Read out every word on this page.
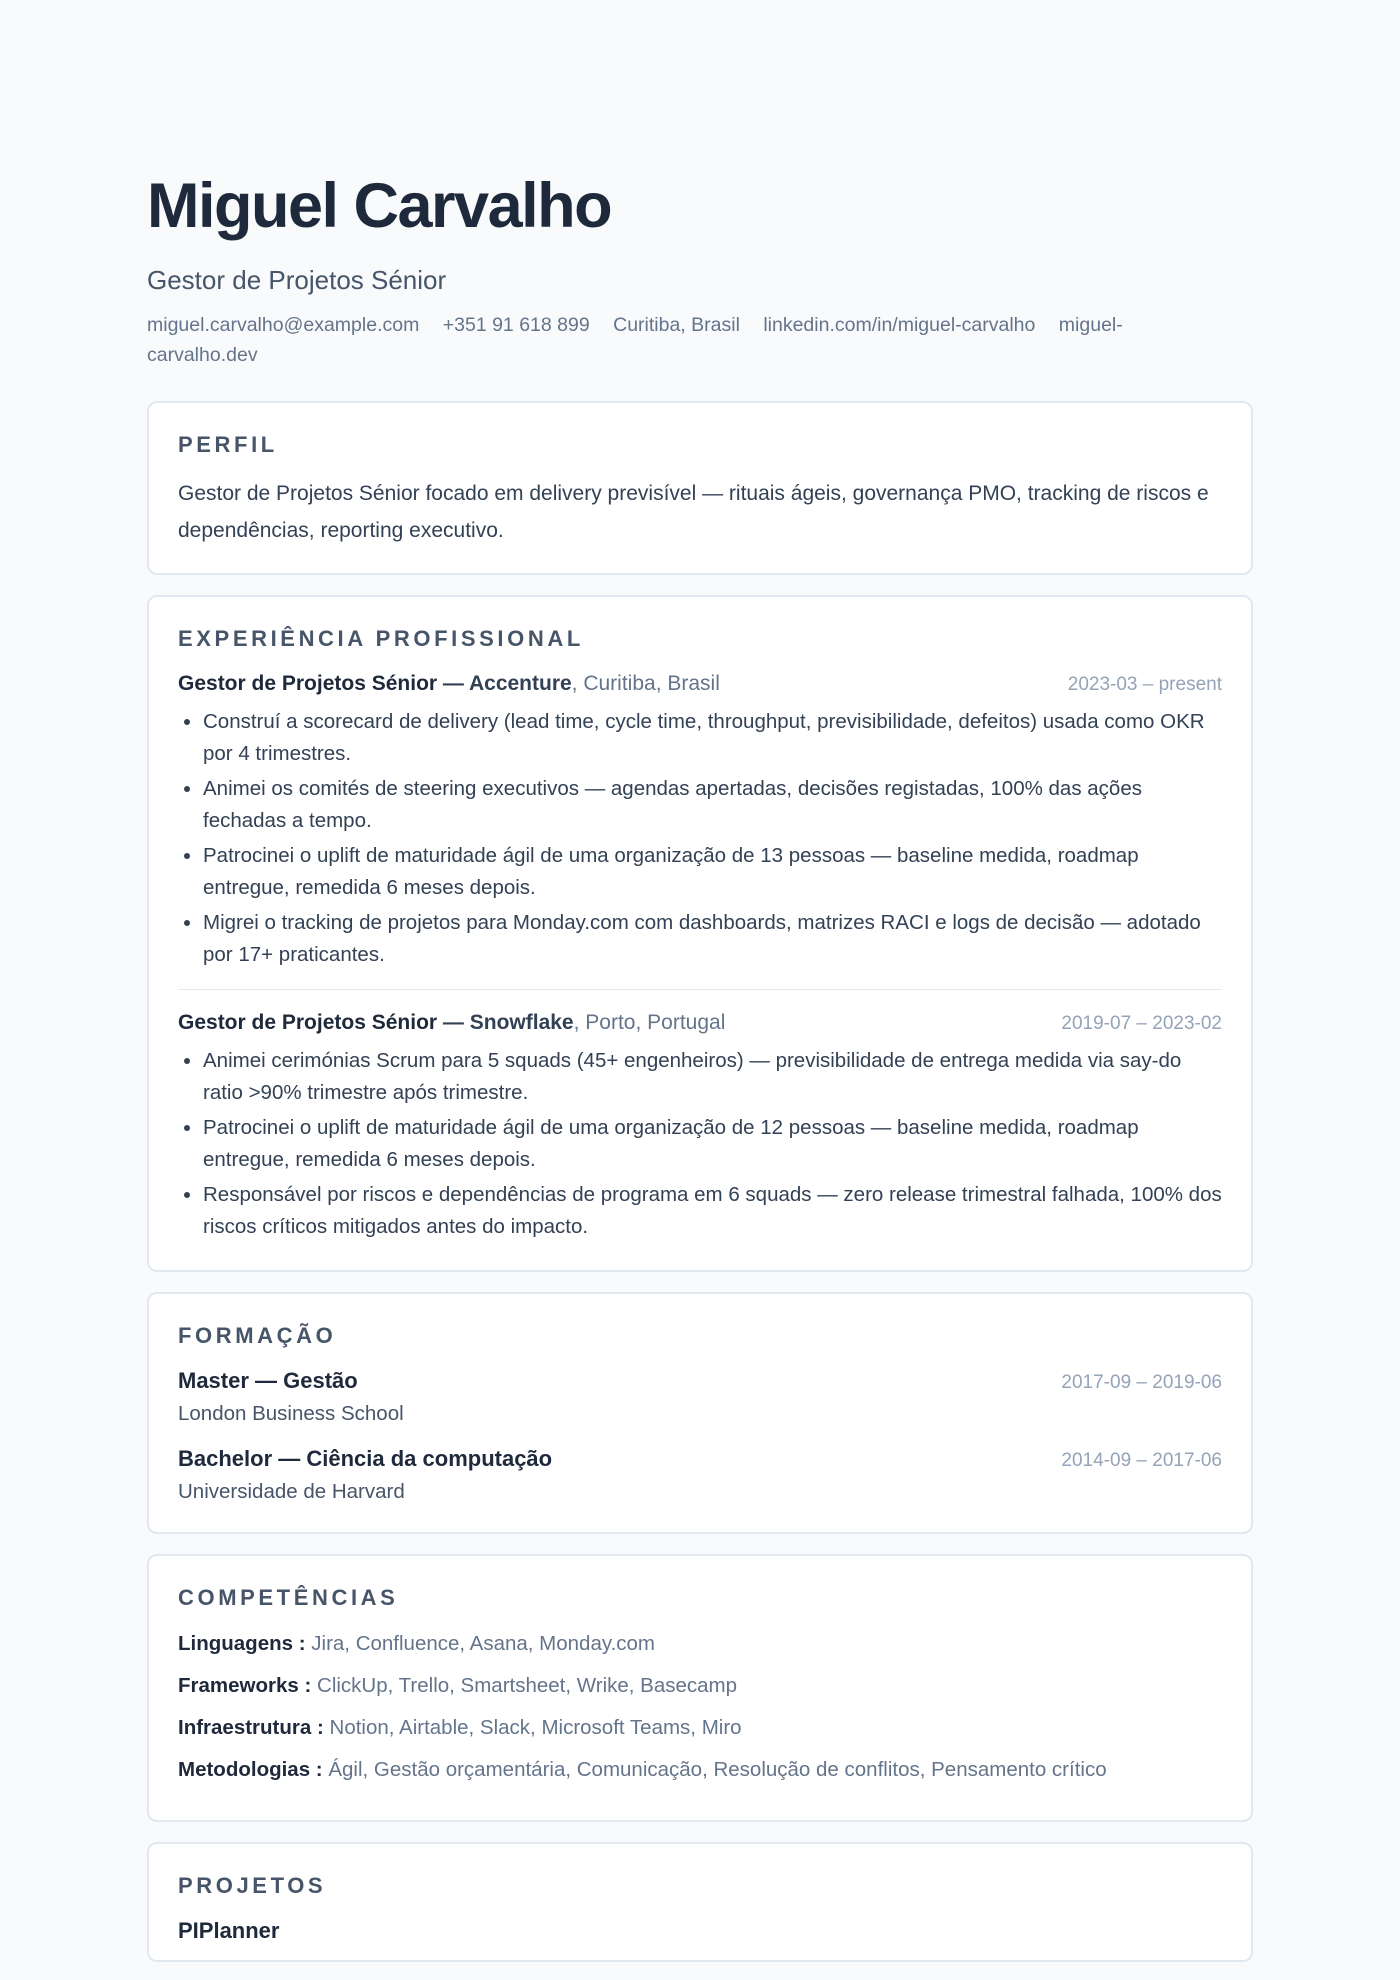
Miguel Carvalho
Gestor de Projetos Sénior
miguel.carvalho@example.com +351 91 618 899 Curitiba, Brasil linkedin.com/in/miguel-carvalho miguel-carvalho.dev
PERFIL

Gestor de Projetos Sénior focado em delivery previsível — rituais ágeis, governança PMO, tracking de riscos e dependências, reporting executivo.

EXPERIÊNCIA PROFISSIONAL
Gestor de Projetos Sénior — Accenture, Curitiba, Brasil	2023-03 – present
• Construí a scorecard de delivery (lead time, cycle time, throughput, previsibilidade, defeitos) usada como OKR por 4 trimestres.
• Animei os comités de steering executivos — agendas apertadas, decisões registadas, 100% das ações fechadas a tempo.
• Patrocinei o uplift de maturidade ágil de uma organização de 13 pessoas — baseline medida, roadmap entregue, remedida 6 meses depois.
• Migrei o tracking de projetos para Monday.com com dashboards, matrizes RACI e logs de decisão — adotado por 17+ praticantes.
Gestor de Projetos Sénior — Snowflake, Porto, Portugal	2019-07 – 2023-02
• Animei cerimónias Scrum para 5 squads (45+ engenheiros) — previsibilidade de entrega medida via say-do ratio >90% trimestre após trimestre.
• Patrocinei o uplift de maturidade ágil de uma organização de 12 pessoas — baseline medida, roadmap entregue, remedida 6 meses depois.
• Responsável por riscos e dependências de programa em 6 squads — zero release trimestral falhada, 100% dos riscos críticos mitigados antes do impacto.
FORMAÇÃO
Master — Gestão	2017-09 – 2019-06
London Business School
Bachelor — Ciência da computação	2014-09 – 2017-06
Universidade de Harvard
COMPETÊNCIAS
Linguagens : Jira, Confluence, Asana, Monday.com
Frameworks : ClickUp, Trello, Smartsheet, Wrike, Basecamp
Infraestrutura : Notion, Airtable, Slack, Microsoft Teams, Miro
Metodologias : Ágil, Gestão orçamentária, Comunicação, Resolução de conflitos, Pensamento crítico
PROJETOS
PIPlanner
